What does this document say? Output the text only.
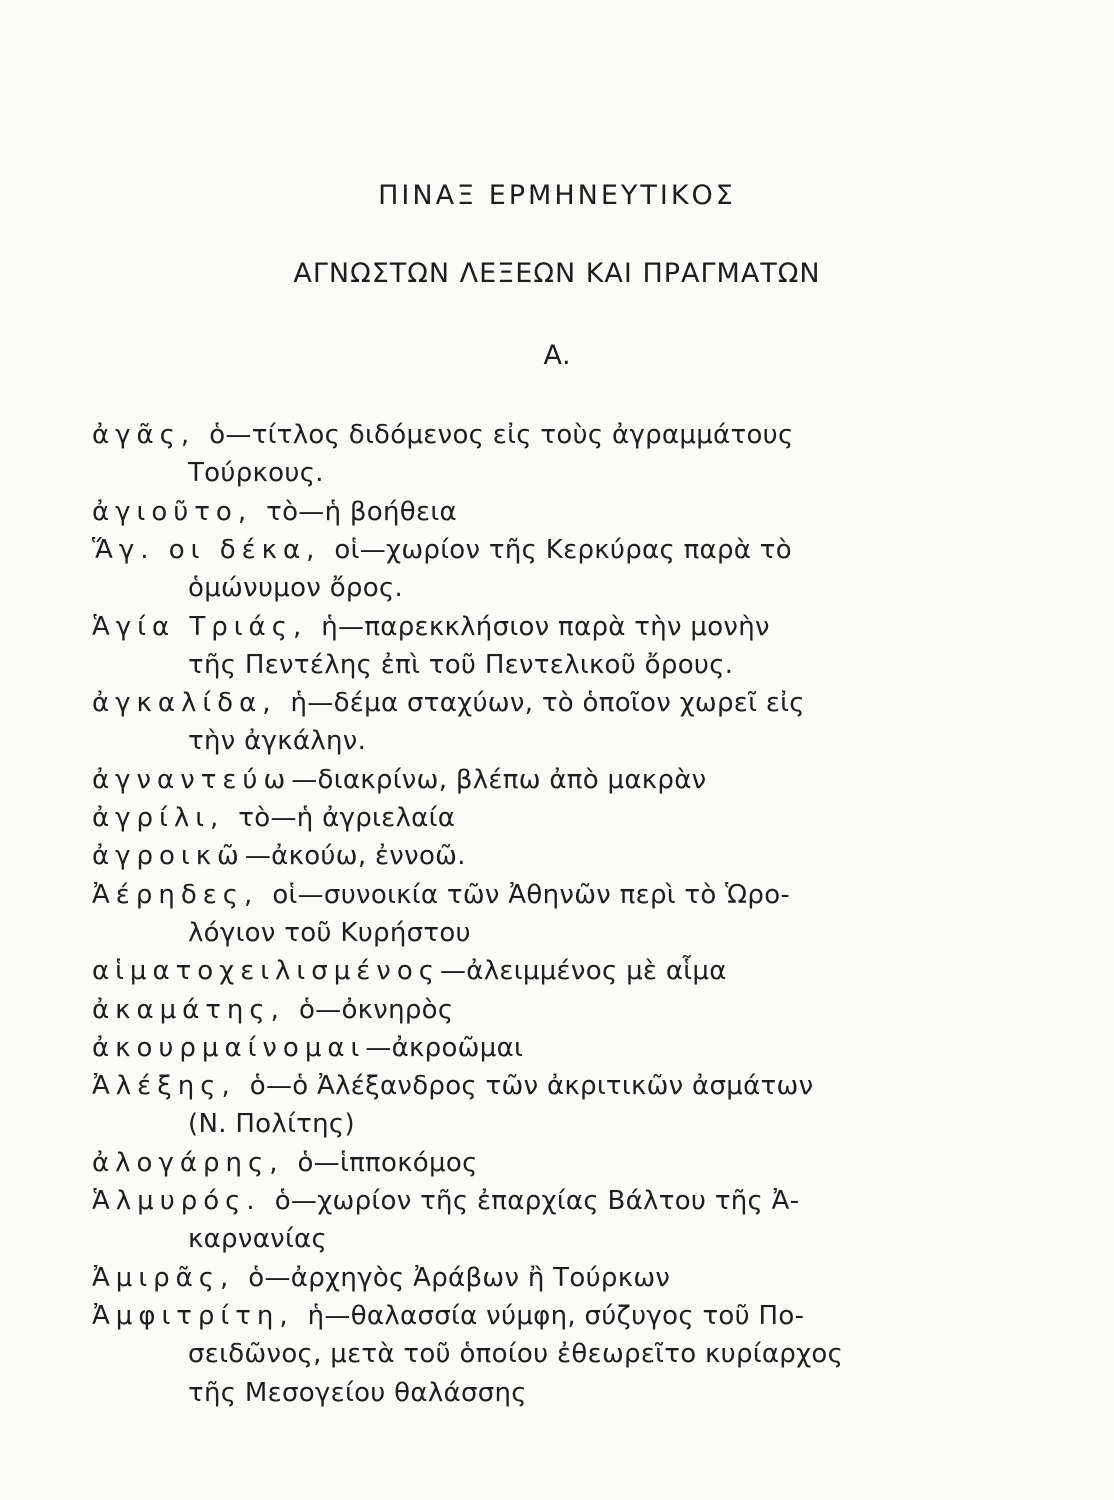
ΠΙΝΑΞ ΕΡΜΗΝΕΥΤΙΚΟΣ
ΑΓΝΩΣΤΩΝ ΛΕΞΕΩΝ ΚΑΙ ΠΡΑΓΜΑΤΩΝ
Α.
ἀγᾶς, ὁ—τίτλος διδόμενος εἰς τοὺς ἀγραμμάτους
Τούρκους.
ἀγιοῦτο, τὸ—ἡ βοήθεια
Ἅγ. οι δέκα, οἱ—χωρίον τῆς Κερκύρας παρὰ τὸ
ὁμώνυμον ὄρος.
Ἁγία Τριάς, ἡ—παρεκκλήσιον παρὰ τὴν μονὴν
τῆς Πεντέλης ἐπὶ τοῦ Πεντελικοῦ ὄρους.
ἀγκαλίδα, ἡ—δέμα σταχύων, τὸ ὁποῖον χωρεῖ εἰς
τὴν ἀγκάλην.
ἀγναντεύω—διακρίνω, βλέπω ἀπὸ μακρὰν
ἀγρίλι, τὸ—ἡ ἀγριελαία
ἀγροικῶ—ἀκούω, ἐννοῶ.
Ἀέρηδες, οἱ—συνοικία τῶν Ἀθηνῶν περὶ τὸ Ὡρο-
λόγιον τοῦ Κυρήστου
αἱματοχειλισμένος—ἀλειμμένος μὲ αἷμα
ἀκαμάτης, ὁ—ὀκνηρὸς
ἀκουρμαίνομαι—ἀκροῶμαι
Ἀλέξης, ὁ—ὁ Ἀλέξανδρος τῶν ἀκριτικῶν ἀσμάτων
(Ν. Πολίτης)
ἀλογάρης, ὁ—ἱπποκόμος
Ἁλμυρός. ὁ—χωρίον τῆς ἐπαρχίας Βάλτου τῆς Ἀ-
καρνανίας
Ἀμιρᾶς, ὁ—ἀρχηγὸς Ἀράβων ἢ Τούρκων
Ἀμφιτρίτη, ἡ—θαλασσία νύμφη, σύζυγος τοῦ Πο-
σειδῶνος, μετὰ τοῦ ὁποίου ἐθεωρεῖτο κυρίαρχος
τῆς Μεσογείου θαλάσσης
